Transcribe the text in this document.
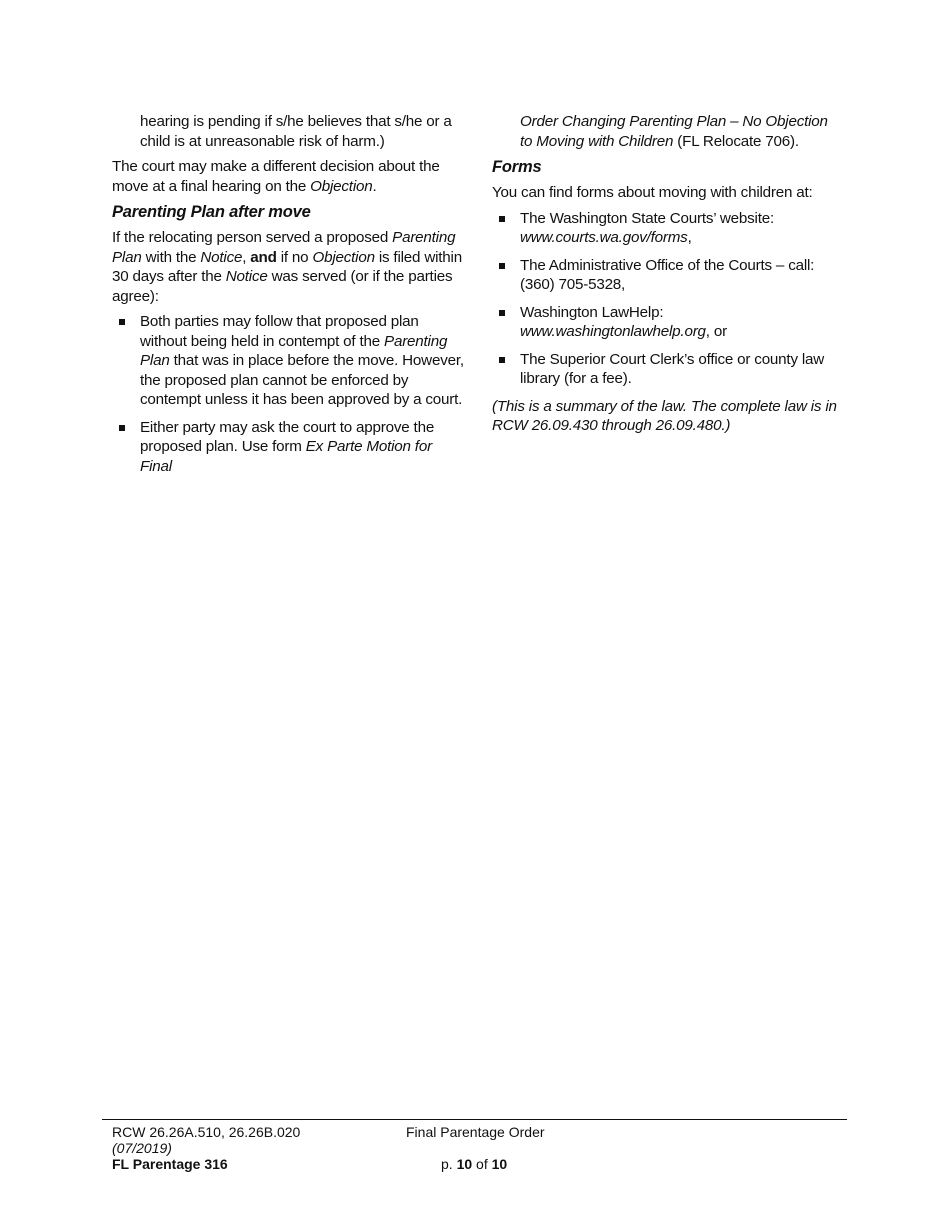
hearing is pending if s/he believes that s/he or a child is at unreasonable risk of harm.)

The court may make a different decision about the move at a final hearing on the Objection.

Parenting Plan after move

If the relocating person served a proposed Parenting Plan with the Notice, and if no Objection is filed within 30 days after the Notice was served (or if the parties agree):

Both parties may follow that proposed plan without being held in contempt of the Parenting Plan that was in place before the move. However, the proposed plan cannot be enforced by contempt unless it has been approved by a court.
Either party may ask the court to approve the proposed plan. Use form Ex Parte Motion for Final

Order Changing Parenting Plan – No Objection to Moving with Children (FL Relocate 706).

Forms

You can find forms about moving with children at:

The Washington State Courts’ website: www.courts.wa.gov/forms,
The Administrative Office of the Courts – call: (360) 705-5328,
Washington LawHelp: www.washingtonlawhelp.org, or
The Superior Court Clerk’s office or county law library (for a fee).

(This is a summary of the law. The complete law is in RCW 26.09.430 through 26.09.480.)

RCW 26.26A.510, 26.26B.020
(07/2019)
FL Parentage 316
Final Parentage Order
p. 10 of 10
